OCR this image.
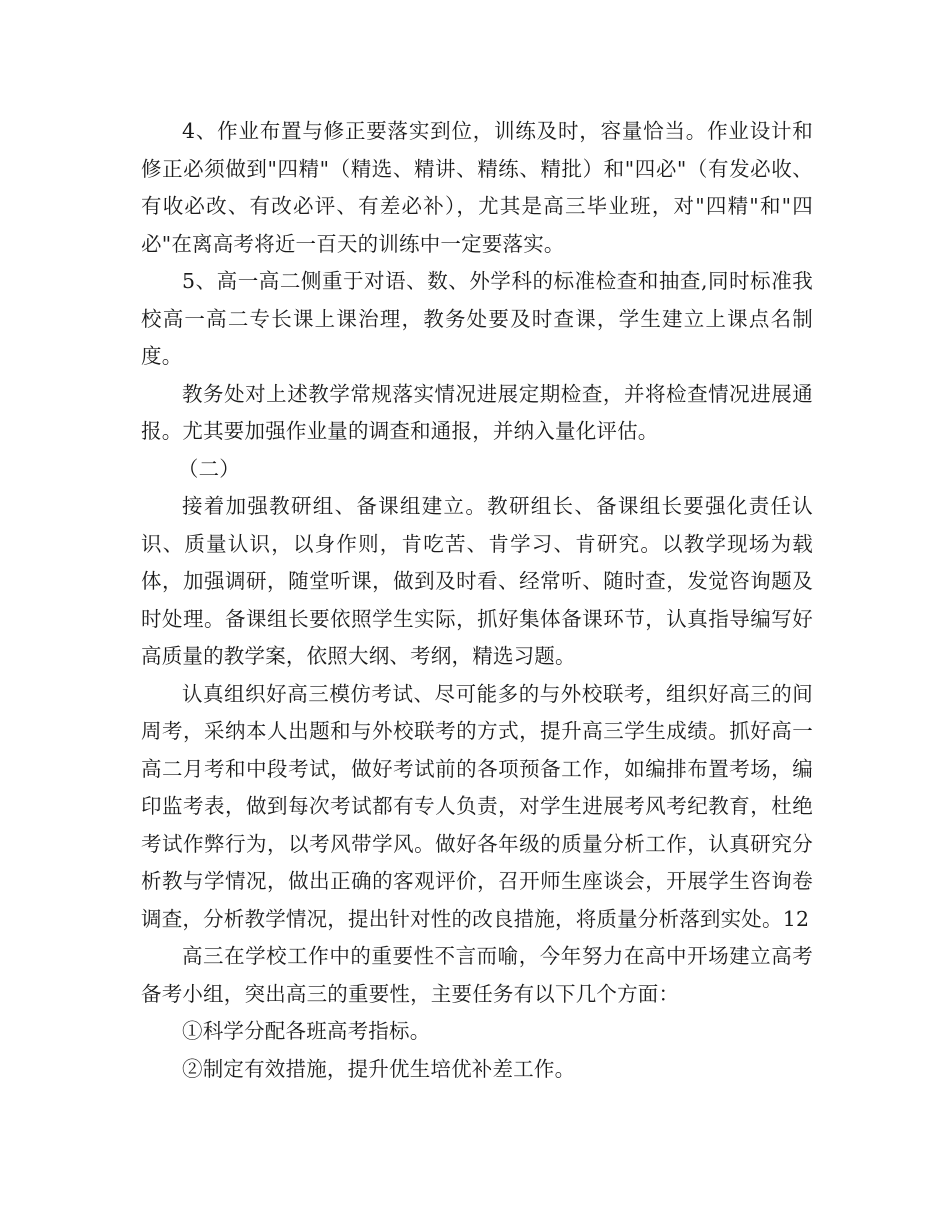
4、作业布置与修正要落实到位，训练及时，容量恰当。作业设计和修正必须做到"四精"（精选、精讲、精练、精批）和"四必"（有发必收、有收必改、有改必评、有差必补），尤其是高三毕业班，对"四精"和"四必"在离高考将近一百天的训练中一定要落实。

5、高一高二侧重于对语、数、外学科的标准检查和抽查,同时标准我校高一高二专长课上课治理，教务处要及时查课，学生建立上课点名制度。

教务处对上述教学常规落实情况进展定期检查，并将检查情况进展通报。尤其要加强作业量的调查和通报，并纳入量化评估。

（二）

接着加强教研组、备课组建立。教研组长、备课组长要强化责任认识、质量认识，以身作则，肯吃苦、肯学习、肯研究。以教学现场为载体，加强调研，随堂听课，做到及时看、经常听、随时查，发觉咨询题及时处理。备课组长要依照学生实际，抓好集体备课环节，认真指导编写好高质量的教学案，依照大纲、考纲，精选习题。

认真组织好高三模仿考试、尽可能多的与外校联考，组织好高三的间周考，采纳本人出题和与外校联考的方式，提升高三学生成绩。抓好高一高二月考和中段考试，做好考试前的各项预备工作，如编排布置考场，编印监考表，做到每次考试都有专人负责，对学生进展考风考纪教育，杜绝考试作弊行为，以考风带学风。做好各年级的质量分析工作，认真研究分析教与学情况，做出正确的客观评价，召开师生座谈会，开展学生咨询卷调查，分析教学情况，提出针对性的改良措施，将质量分析落到实处。12

高三在学校工作中的重要性不言而喻，今年努力在高中开场建立高考备考小组，突出高三的重要性，主要任务有以下几个方面：

①科学分配各班高考指标。

②制定有效措施，提升优生培优补差工作。
